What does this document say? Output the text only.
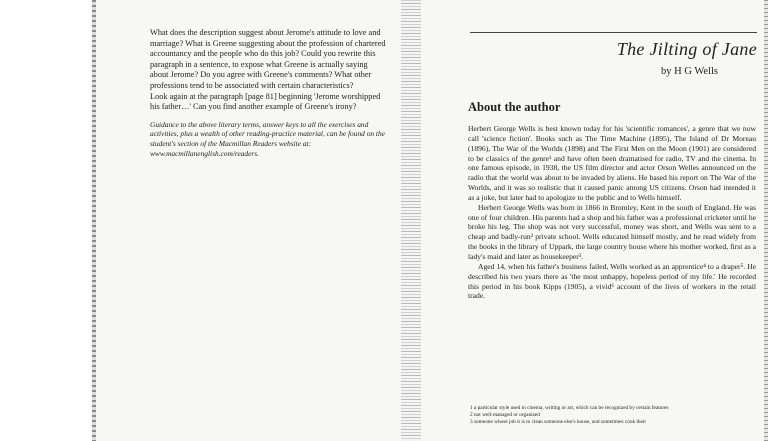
What does the description suggest about Jerome's attitude to love and marriage? What is Greene suggesting about the profession of chartered accountancy and the people who do this job? Could you rewrite this paragraph in a sentence, to expose what Greene is actually saying about Jerome? Do you agree with Greene's comments? What other professions tend to be associated with certain characteristics?

Look again at the paragraph [page 81] beginning 'Jerome worshipped his father…' Can you find another example of Greene's irony?

Guidance to the above literary terms, answer keys to all the exercises and activities, plus a wealth of other reading-practice material, can be found on the student's section of the Macmillan Readers website at: www.macmillanenglish.com/readers.

The Jilting of Jane
by H G Wells
About the author

Herbert George Wells is best known today for his 'scientific romances', a genre that we now call 'science fiction'. Books such as The Time Machine (1895), The Island of Dr Moreau (1896), The War of the Worlds (1898) and The First Men on the Moon (1901) are considered to be classics of the genre¹ and have often been dramatised for radio, TV and the cinema. In one famous episode, in 1938, the US film director and actor Orson Welles announced on the radio that the world was about to be invaded by aliens. He based his report on The War of the Worlds, and it was so realistic that it caused panic among US citizens. Orson had intended it as a joke, but later had to apologize to the public and to Wells himself.

Herbert George Wells was born in 1866 in Bromley, Kent in the south of England. He was one of four children. His parents had a shop and his father was a professional cricketer until he broke his leg. The shop was not very successful, money was short, and Wells was sent to a cheap and badly-run² private school. Wells educated himself mostly, and he read widely from the books in the library of Uppark, the large country house where his mother worked, first as a lady's maid and later as housekeeper³.

Aged 14, when his father's business failed, Wells worked as an apprentice⁴ to a draper⁵. He described his two years there as 'the most unhappy, hopeless period of my life.' He recorded this period in his book Kipps (1905), a vivid⁶ account of the lives of workers in the retail trade.

1 a particular style used in cinema, writing or art, which can be recognized by certain features
2 not well-managed or organized
3 someone whose job it is to clean someone else's house, and sometimes cook their
